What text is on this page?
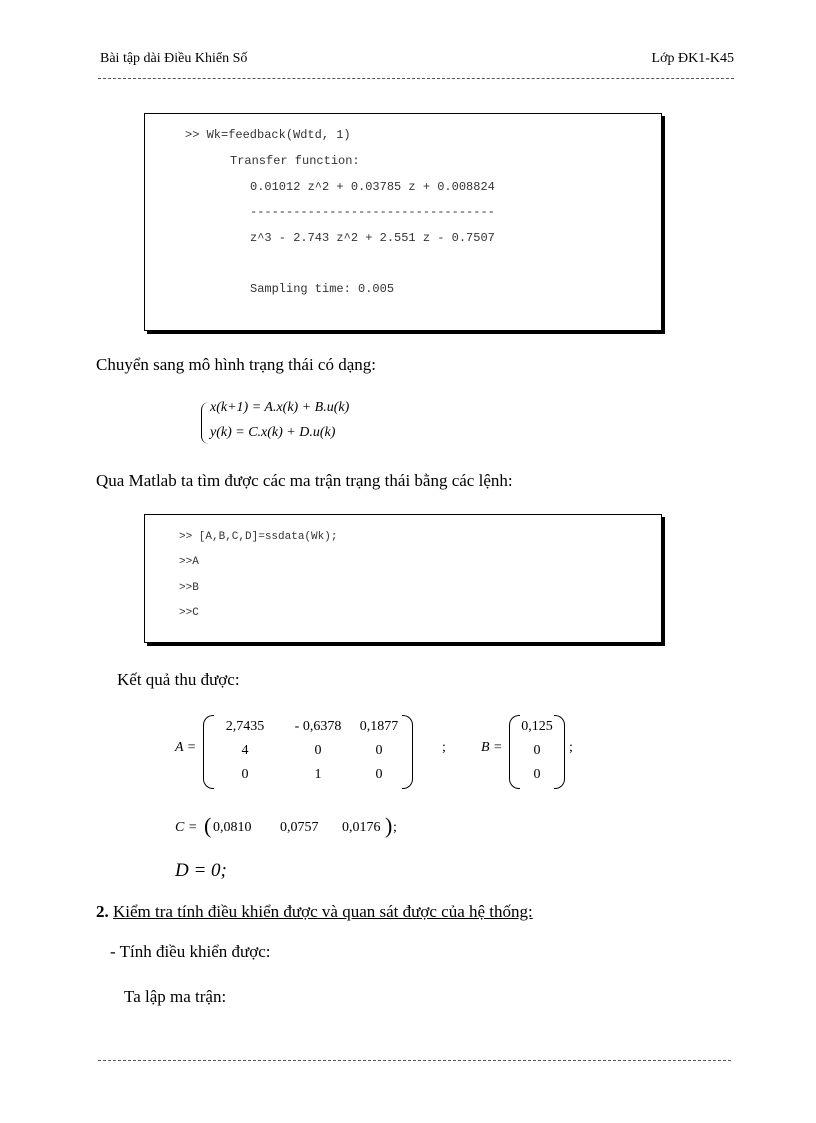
Bài tập dài Điều Khiển Số	Lớp ĐK1-K45
>> Wk=feedback(Wdtd, 1)
Transfer function:
0.01012 z^2 + 0.03785 z + 0.008824
----------------------------------
z^3 - 2.743 z^2 + 2.551 z - 0.7507
Sampling time: 0.005
Chuyển sang mô hình trạng thái có dạng:
x(k+1) = A.x(k) + B.u(k)
y(k) = C.x(k) + D.u(k)
Qua Matlab ta tìm được các ma trận trạng thái bằng các lệnh:
>> [A,B,C,D]=ssdata(Wk);
>>A
>>B
>>C
Kết quả thu được:
A =
2,7435	- 0,6378	0,1877
4	0	0
0	1	0
;	B =
0,125
0
0
;
C = ( 0,0810 0,0757 0,0176 ) ;
D = 0;
2. Kiểm tra tính điều khiển được và quan sát được của hệ thống:
- Tính điều khiển được:
Ta lập ma trận:
